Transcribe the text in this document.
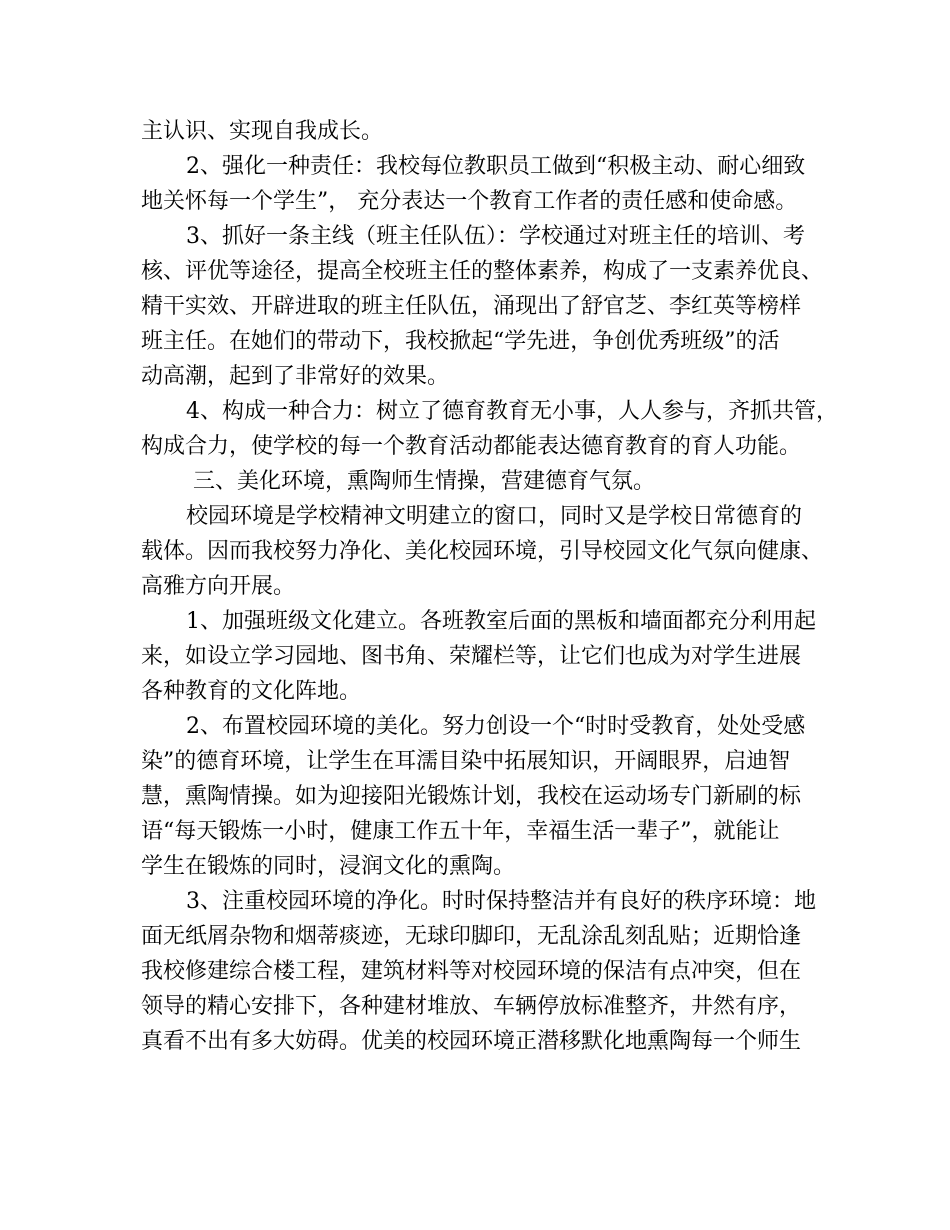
主认识、实现自我成长。
2、强化一种责任：我校每位教职员工做到“积极主动、耐心细致
地关怀每一个学生”， 充分表达一个教育工作者的责任感和使命感。
3、抓好一条主线（班主任队伍）：学校通过对班主任的培训、考
核、评优等途径，提高全校班主任的整体素养，构成了一支素养优良、
精干实效、开辟进取的班主任队伍，涌现出了舒官芝、李红英等榜样
班主任。在她们的带动下，我校掀起“学先进，争创优秀班级”的活
动高潮，起到了非常好的效果。
4、构成一种合力：树立了德育教育无小事，人人参与，齐抓共管，
构成合力，使学校的每一个教育活动都能表达德育教育的育人功能。
三、美化环境，熏陶师生情操，营建德育气氛。
校园环境是学校精神文明建立的窗口，同时又是学校日常德育的
载体。因而我校努力净化、美化校园环境，引导校园文化气氛向健康、
高雅方向开展。
1、加强班级文化建立。各班教室后面的黑板和墙面都充分利用起
来，如设立学习园地、图书角、荣耀栏等，让它们也成为对学生进展
各种教育的文化阵地。
2、布置校园环境的美化。努力创设一个“时时受教育，处处受感
染”的德育环境，让学生在耳濡目染中拓展知识，开阔眼界，启迪智
慧，熏陶情操。如为迎接阳光锻炼计划，我校在运动场专门新刷的标
语“每天锻炼一小时，健康工作五十年，幸福生活一辈子”，就能让
学生在锻炼的同时，浸润文化的熏陶。
3、注重校园环境的净化。时时保持整洁并有良好的秩序环境：地
面无纸屑杂物和烟蒂痰迹，无球印脚印，无乱涂乱刻乱贴；近期恰逢
我校修建综合楼工程，建筑材料等对校园环境的保洁有点冲突，但在
领导的精心安排下，各种建材堆放、车辆停放标准整齐，井然有序，
真看不出有多大妨碍。优美的校园环境正潜移默化地熏陶每一个师生
